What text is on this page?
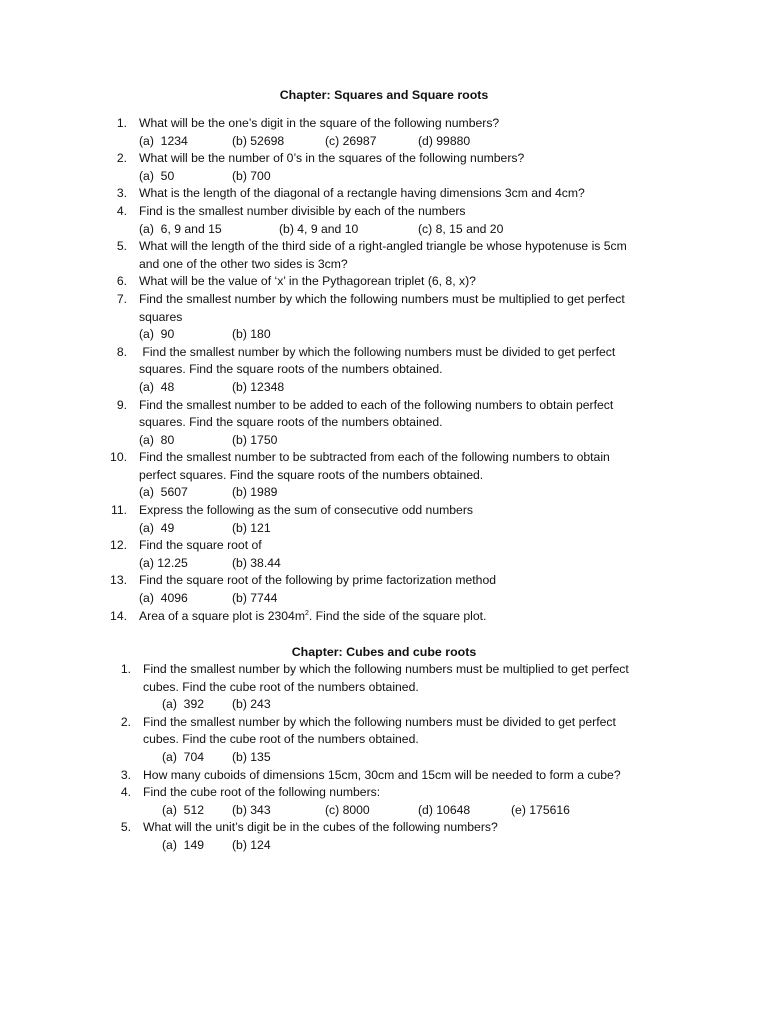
Chapter: Squares and Square roots
1. What will be the one’s digit in the square of the following numbers?
(a)  1234	(b) 52698	(c) 26987	(d) 99880
2. What will be the number of 0’s in the squares of the following numbers?
(a)  50	(b) 700
3. What is the length of the diagonal of a rectangle having dimensions 3cm and 4cm?
4. Find is the smallest number divisible by each of the numbers
(a)  6, 9 and 15	(b) 4, 9 and 10	(c) 8, 15 and 20
5. What will the length of the third side of a right-angled triangle be whose hypotenuse is 5cm
and one of the other two sides is 3cm?
6. What will be the value of ‘x’ in the Pythagorean triplet (6, 8, x)?
7. Find the smallest number by which the following numbers must be multiplied to get perfect
squares
(a)  90	(b) 180
8. Find the smallest number by which the following numbers must be divided to get perfect
squares. Find the square roots of the numbers obtained.
(a)  48	(b) 12348
9. Find the smallest number to be added to each of the following numbers to obtain perfect
squares. Find the square roots of the numbers obtained.
(a)  80	(b) 1750
10. Find the smallest number to be subtracted from each of the following numbers to obtain
perfect squares. Find the square roots of the numbers obtained.
(a)  5607	(b) 1989
11. Express the following as the sum of consecutive odd numbers
(a)  49	(b) 121
12. Find the square root of
(a) 12.25	(b) 38.44
13. Find the square root of the following by prime factorization method
(a)  4096	(b) 7744
14. Area of a square plot is $2304m^2$. Find the side of the square plot.
Chapter: Cubes and cube roots
1. Find the smallest number by which the following numbers must be multiplied to get perfect
cubes. Find the cube root of the numbers obtained.
(a)  392 (b) 243
2. Find the smallest number by which the following numbers must be divided to get perfect
cubes. Find the cube root of the numbers obtained.
(a)  704 (b) 135
3. How many cuboids of dimensions 15cm, 30cm and 15cm will be needed to form a cube?
4. Find the cube root of the following numbers:
(a)  512 (b) 343	(c) 8000	(d) 10648	(e) 175616
5. What will the unit’s digit be in the cubes of the following numbers?
(a)  149 (b) 124
